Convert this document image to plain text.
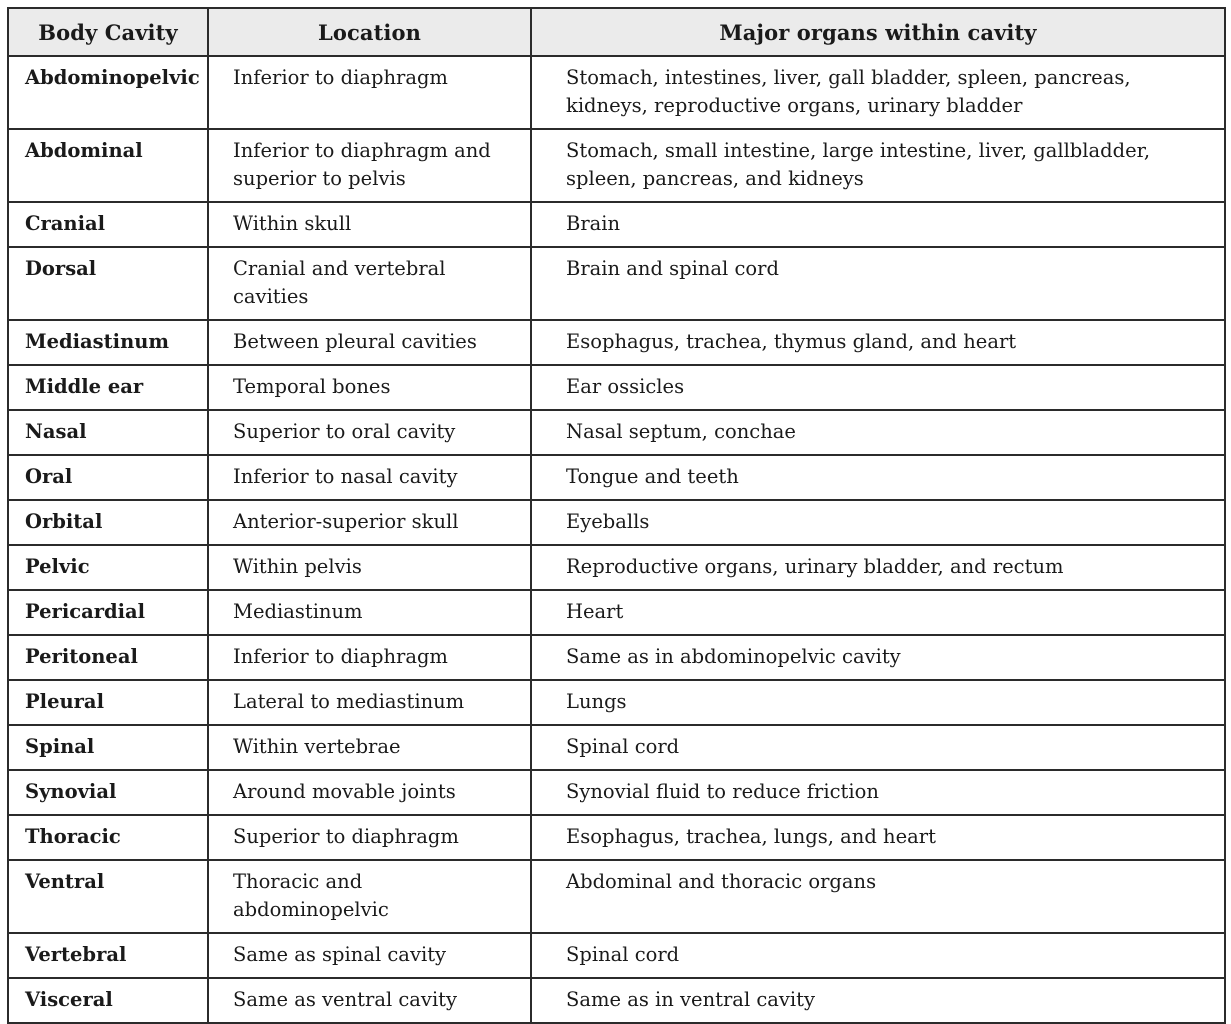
Body Cavity	Location	Major organs within cavity
Abdominopelvic	Inferior to diaphragm	Stomach, intestines, liver, gall bladder, spleen, pancreas, kidneys, reproductive organs, urinary bladder
Abdominal	Inferior to diaphragm and superior to pelvis	Stomach, small intestine, large intestine, liver, gallbladder, spleen, pancreas, and kidneys
Cranial	Within skull	Brain
Dorsal	Cranial and vertebral cavities	Brain and spinal cord
Mediastinum	Between pleural cavities	Esophagus, trachea, thymus gland, and heart
Middle ear	Temporal bones	Ear ossicles
Nasal	Superior to oral cavity	Nasal septum, conchae
Oral	Inferior to nasal cavity	Tongue and teeth
Orbital	Anterior-superior skull	Eyeballs
Pelvic	Within pelvis	Reproductive organs, urinary bladder, and rectum
Pericardial	Mediastinum	Heart
Peritoneal	Inferior to diaphragm	Same as in abdominopelvic cavity
Pleural	Lateral to mediastinum	Lungs
Spinal	Within vertebrae	Spinal cord
Synovial	Around movable joints	Synovial fluid to reduce friction
Thoracic	Superior to diaphragm	Esophagus, trachea, lungs, and heart
Ventral	Thoracic and abdominopelvic	Abdominal and thoracic organs
Vertebral	Same as spinal cavity	Spinal cord
Visceral	Same as ventral cavity	Same as in ventral cavity
